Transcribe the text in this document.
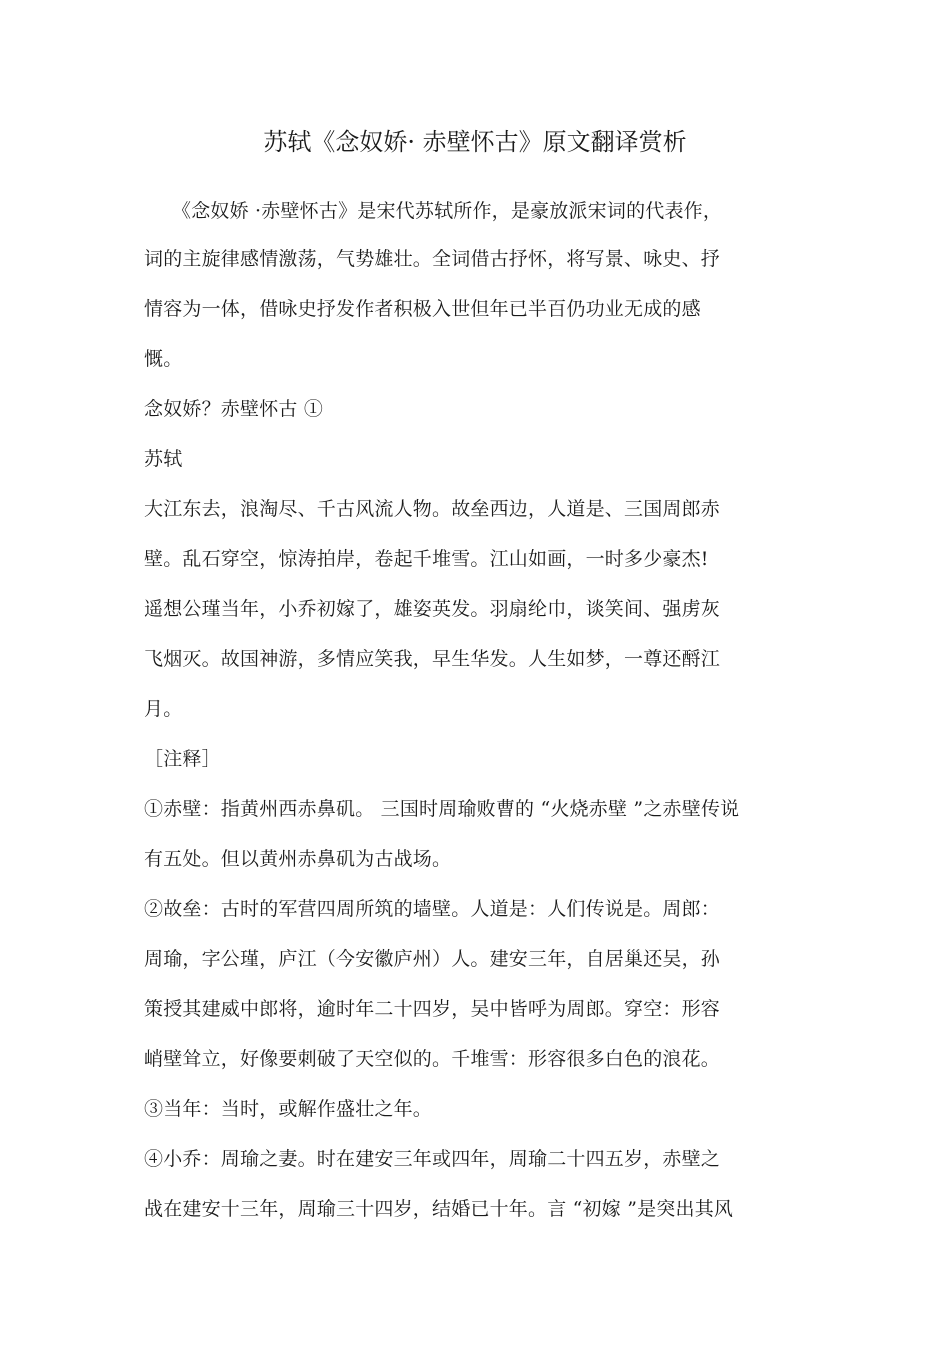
苏轼《念奴娇· 赤壁怀古》原文翻译赏析
《念奴娇 ·赤壁怀古》是宋代苏轼所作，是豪放派宋词的代表作，
词的主旋律感情激荡，气势雄壮。全词借古抒怀，将写景、咏史、抒
情容为一体，借咏史抒发作者积极入世但年已半百仍功业无成的感
慨。
念奴娇？赤壁怀古 ①
苏轼
大江东去，浪淘尽、千古风流人物。故垒西边，人道是、三国周郎赤
壁。乱石穿空，惊涛拍岸，卷起千堆雪。江山如画，一时多少豪杰!
遥想公瑾当年，小乔初嫁了，雄姿英发。羽扇纶巾，谈笑间、强虏灰
飞烟灭。故国神游，多情应笑我，早生华发。人生如梦，一尊还酹江
月。
［注释］
①赤壁：指黄州西赤鼻矶。 三国时周瑜败曹的 “火烧赤壁 ”之赤壁传说
有五处。但以黄州赤鼻矶为古战场。
②故垒：古时的军营四周所筑的墙壁。人道是：人们传说是。周郎：
周瑜，字公瑾，庐江（今安徽庐州）人。建安三年，自居巢还吴，孙
策授其建威中郎将，逾时年二十四岁，吴中皆呼为周郎。穿空：形容
峭壁耸立，好像要刺破了天空似的。千堆雪：形容很多白色的浪花。
③当年：当时，或解作盛壮之年。
④小乔：周瑜之妻。时在建安三年或四年，周瑜二十四五岁，赤壁之
战在建安十三年，周瑜三十四岁，结婚已十年。言 “初嫁 ”是突出其风
